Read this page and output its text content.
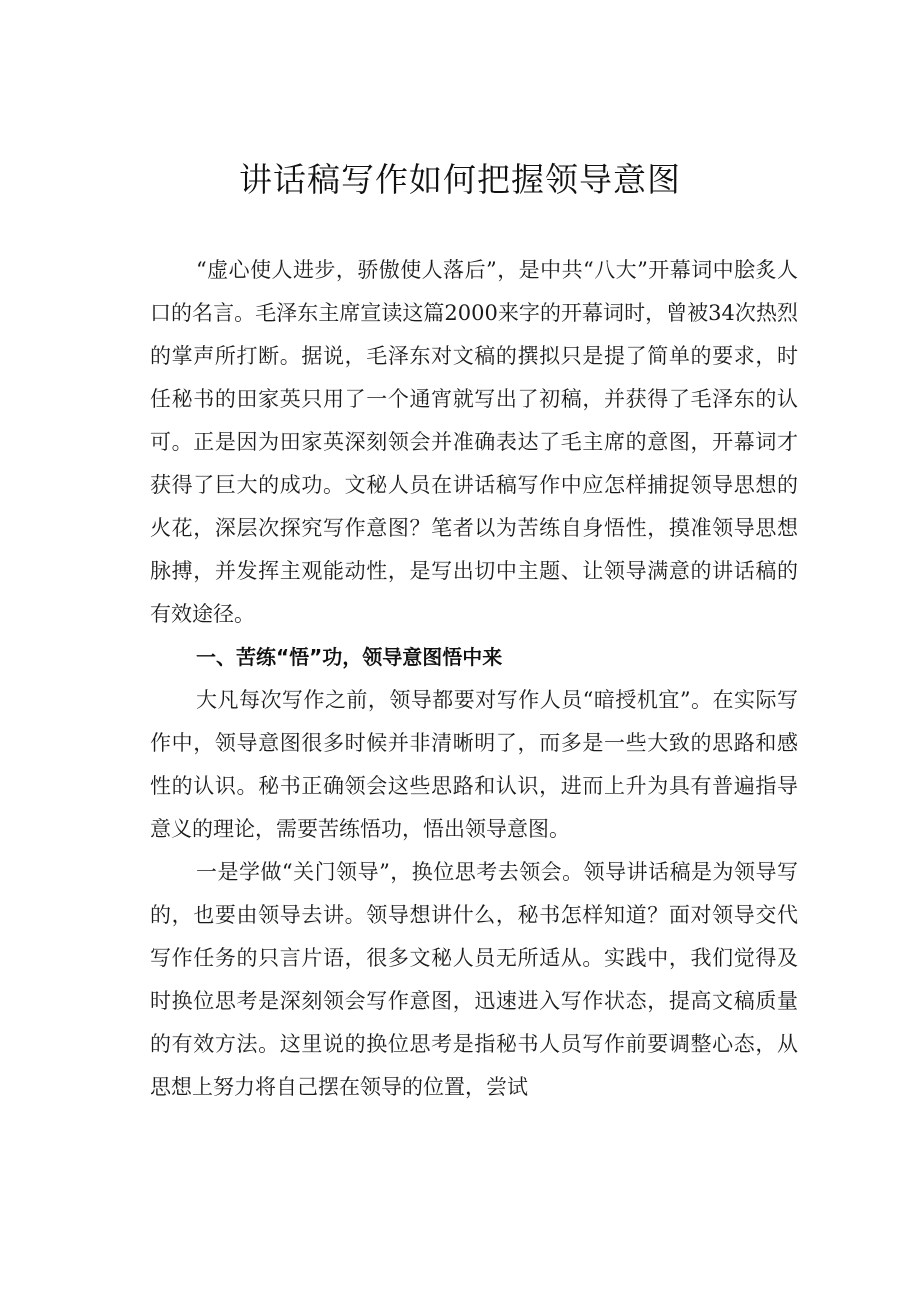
讲话稿写作如何把握领导意图

“虚心使人进步，骄傲使人落后”，是中共“八大”开幕词中脍炙人口的名言。毛泽东主席宣读这篇2000来字的开幕词时，曾被34次热烈的掌声所打断。据说，毛泽东对文稿的撰拟只是提了简单的要求，时任秘书的田家英只用了一个通宵就写出了初稿，并获得了毛泽东的认可。正是因为田家英深刻领会并准确表达了毛主席的意图，开幕词才获得了巨大的成功。文秘人员在讲话稿写作中应怎样捕捉领导思想的火花，深层次探究写作意图？笔者以为苦练自身悟性，摸准领导思想脉搏，并发挥主观能动性，是写出切中主题、让领导满意的讲话稿的有效途径。

一、苦练“悟”功，领导意图悟中来

大凡每次写作之前，领导都要对写作人员“暗授机宜”。在实际写作中，领导意图很多时候并非清晰明了，而多是一些大致的思路和感性的认识。秘书正确领会这些思路和认识，进而上升为具有普遍指导意义的理论，需要苦练悟功，悟出领导意图。

一是学做“关门领导”，换位思考去领会。领导讲话稿是为领导写的，也要由领导去讲。领导想讲什么，秘书怎样知道？面对领导交代写作任务的只言片语，很多文秘人员无所适从。实践中，我们觉得及时换位思考是深刻领会写作意图，迅速进入写作状态，提高文稿质量的有效方法。这里说的换位思考是指秘书人员写作前要调整心态，从思想上努力将自己摆在领导的位置，尝试
